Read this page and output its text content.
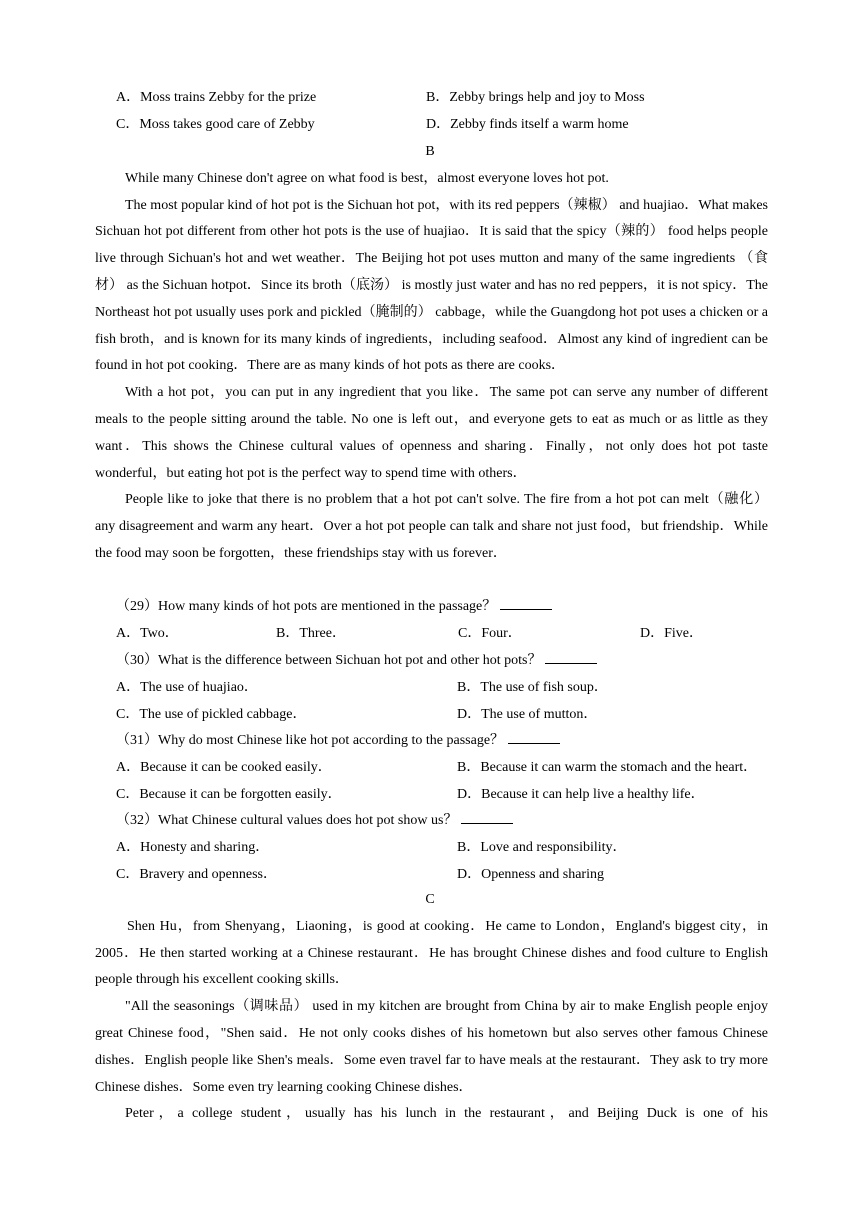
A．Moss trains Zebby for the prize	B．Zebby brings help and joy to Moss
C．Moss takes good care of Zebby	D．Zebby finds itself a warm home
B
While many Chinese don't agree on what food is best，almost everyone loves hot pot.
The most popular kind of hot pot is the Sichuan hot pot，with its red peppers（辣椒） and huajiao．What makes Sichuan hot pot different from other hot pots is the use of huajiao．It is said that the spicy（辣的） food helps people live through Sichuan's hot and wet weather．The Beijing hot pot uses mutton and many of the same ingredients （食材） as the Sichuan hotpot．Since its broth（底汤） is mostly just water and has no red peppers，it is not spicy．The Northeast hot pot usually uses pork and pickled（腌制的） cabbage，while the Guangdong hot pot uses a chicken or a fish broth，and is known for its many kinds of ingredients，including seafood．Almost any kind of ingredient can be found in hot pot cooking．There are as many kinds of hot pots as there are cooks．
With a hot pot，you can put in any ingredient that you like．The same pot can serve any number of different meals to the people sitting around the table. No one is left out，and everyone gets to eat as much or as little as they want．This shows the Chinese cultural values of openness and sharing．Finally，not only does hot pot taste wonderful，but eating hot pot is the perfect way to spend time with others．
People like to joke that there is no problem that a hot pot can't solve. The fire from a hot pot can melt（融化） any disagreement and warm any heart．Over a hot pot people can talk and share not just food，but friendship．While the food may soon be forgotten，these friendships stay with us forever．
（29）How many kinds of hot pots are mentioned in the passage？
A．Two．	B．Three．	C．Four．	D．Five．
（30）What is the difference between Sichuan hot pot and other hot pots？
A．The use of huajiao．	B．The use of fish soup．
C．The use of pickled cabbage．	D．The use of mutton．
（31）Why do most Chinese like hot pot according to the passage？
A．Because it can be cooked easily．	B．Because it can warm the stomach and the heart．
C．Because it can be forgotten easily．	D．Because it can help live a healthy life．
（32）What Chinese cultural values does hot pot show us？
A．Honesty and sharing．	B．Love and responsibility．
C．Bravery and openness．	D．Openness and sharing
C
Shen Hu，from Shenyang，Liaoning，is good at cooking．He came to London，England's biggest city，in 2005．He then started working at a Chinese restaurant．He has brought Chinese dishes and food culture to English people through his excellent cooking skills．
"All the seasonings（调味品） used in my kitchen are brought from China by air to make English people enjoy great Chinese food，"Shen said．He not only cooks dishes of his hometown but also serves other famous Chinese dishes．English people like Shen's meals．Some even travel far to have meals at the restaurant．They ask to try more Chinese dishes．Some even try learning cooking Chinese dishes．
Peter，a college student，usually has his lunch in the restaurant，and Beijing Duck is one of his
